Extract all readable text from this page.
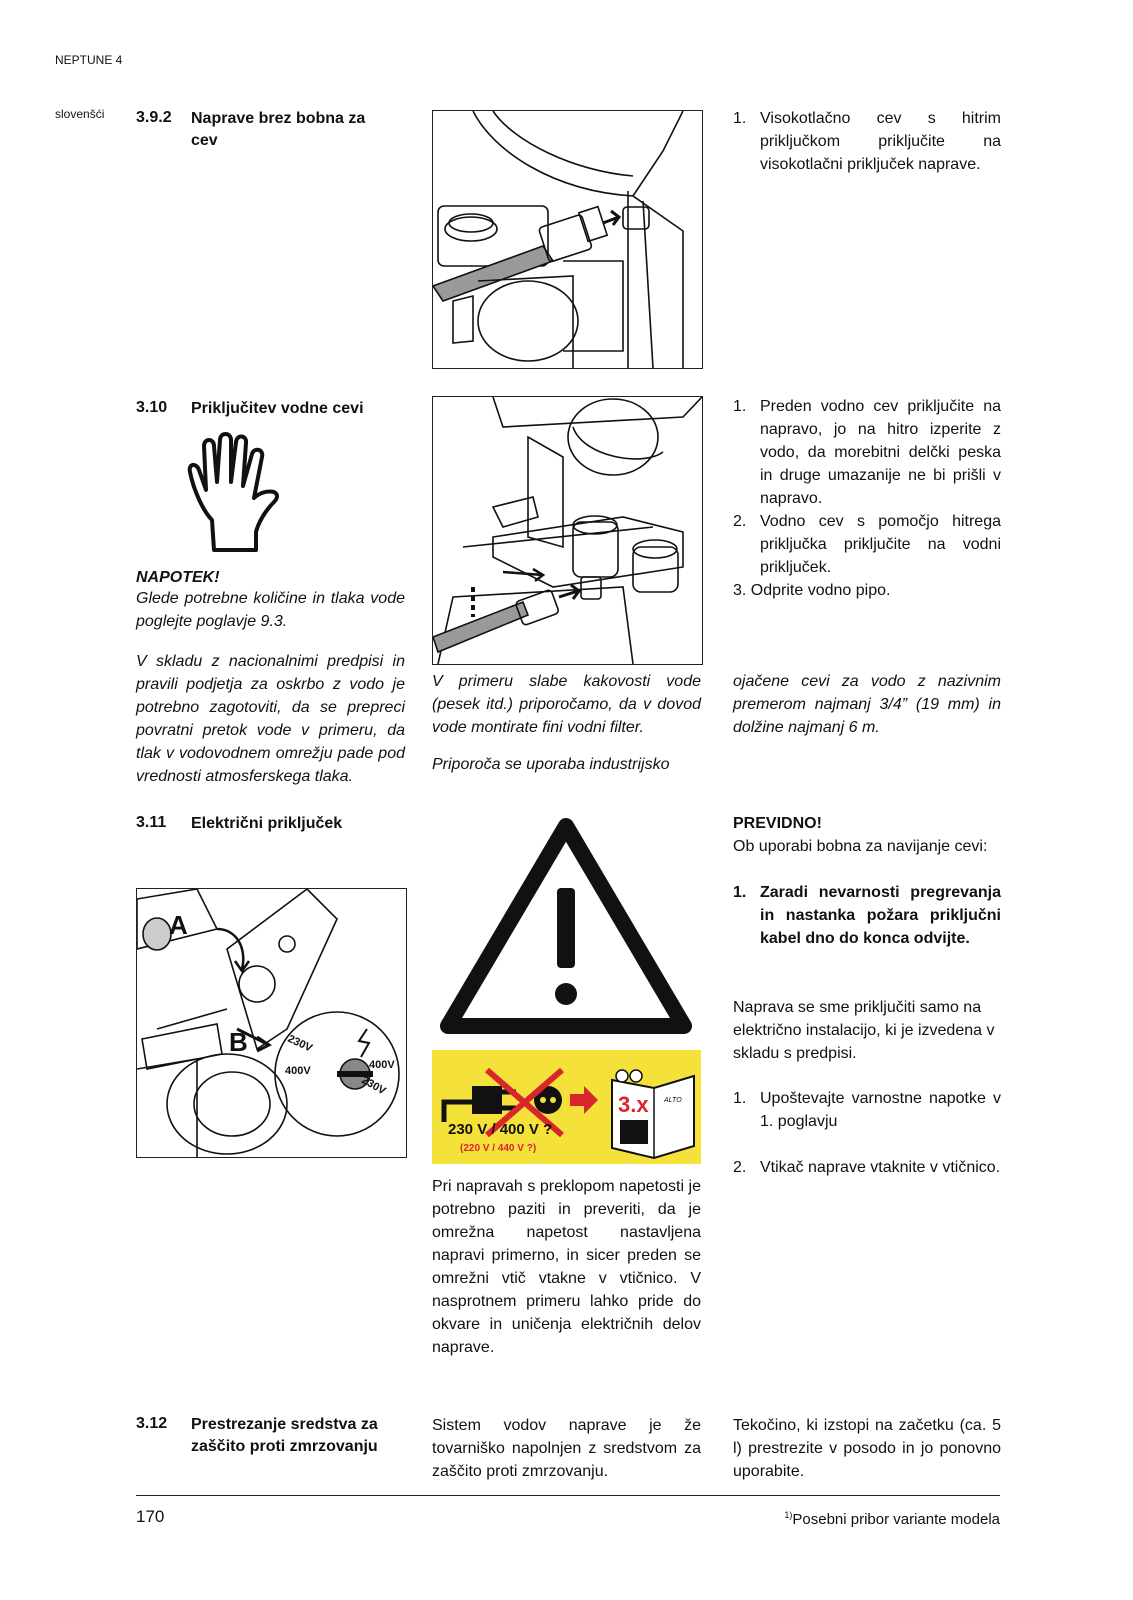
NEPTUNE 4
slovenšći 3.9.2 Naprave brez bobna za
cev
1. Visokotlačno cev s hitrim priključkom priključite na visokotlačni priključek naprave.
3.10 Priključitev vodne cevi
NAPOTEK!
Glede potrebne količine in tlaka vode poglejte poglavje 9.3.
V skladu z nacionalnimi predpisi in pravili podjetja za oskrbo z vodo je potrebno zagotoviti, da se prepreci povratni pretok vode v primeru, da tlak v vodovodnem omrežju pade pod vrednosti atmosferskega tlaka.
1. Preden vodno cev priključite na napravo, jo na hitro izperite z vodo, da morebitni delčki peska in druge umazanije ne bi prišli v napravo.
2. Vodno cev s pomočjo hitrega priključka priključite na vodni priključek.
3. Odprite vodno pipo.
V primeru slabe kakovosti vode (pesek itd.) priporočamo, da v dovod vode montirate fini vodni filter.
Priporoča se uporaba industrijsko
ojačene cevi za vodo z nazivnim premerom najmanj 3/4” (19 mm) in dolžine najmanj 6 m.
3.11 Električni priključek
A
B	230V
400V	400V
230V
3.x ALTO
230 V / 400 V ?
(220 V / 440 V ?)
Pri napravah s preklopom napetosti je potrebno paziti in preveriti, da je omrežna napetost nastavljena napravi primerno, in sicer preden se omrežni vtič vtakne v vtičnico. V nasprotnem primeru lahko pride do okvare in uničenja električnih delov naprave.
PREVIDNO!
Ob uporabi bobna za navijanje cevi:
1. Zaradi nevarnosti pregrevanja in nastanka požara priključni kabel dno do konca odvijte.
Naprava se sme priključiti samo na električno instalacijo, ki je izvedena v skladu s predpisi.
1. Upoštevajte varnostne napotke v 1. poglavju
2. Vtikač naprave vtaknite v vtičnico.
3.12 Prestrezanje sredstva za
zaščito proti zmrzovanju
Sistem vodov naprave je že tovarniško napolnjen z sredstvom za zaščito proti zmrzovanju.
Tekočino, ki izstopi na začetku (ca. 5 l) prestrezite v posodo in jo ponovno uporabite.
170	$^{1)}$Posebni pribor variante modela
